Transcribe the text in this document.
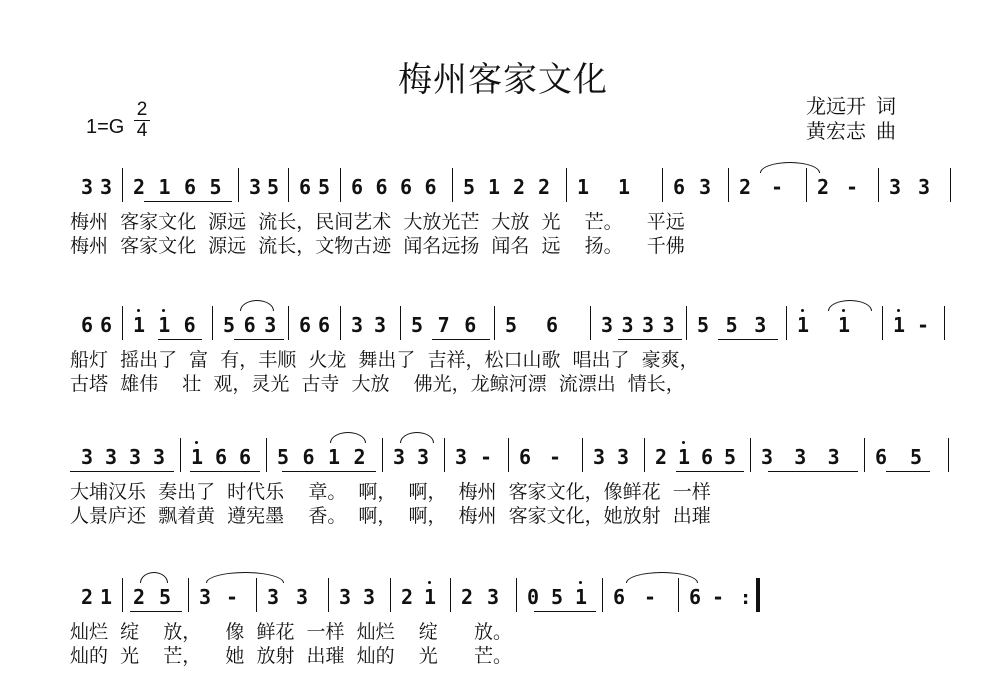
梅州客家文化
1=G
2
4
龙远开 词
黄宏志 曲
3 3 2 1 6 5 3 5 6 5 6 6 6 6 5 1 2 2 1 1 6 3 2 - 2 - 3 3
梅州  客家文化  源远  流长，民间艺术  大放光芒  大放  光    芒。    平远
梅州  客家文化  源远  流长，文物古迹  闻名远扬  闻名  远    扬。    千佛
6 6 1 1 6 5 6 3 6 6 3 3 5 7 6 5 6 3 3 3 3 5 5 3 1 1 1 -
船灯  摇出了  富  有，丰顺  火龙  舞出了  吉祥，松口山歌  唱出了  豪爽，
古塔  雄伟    壮  观，灵光  古寺  大放    佛光，龙鲸河漂  流漂出  情长，
3 3 3 3 1 6 6 5 6 1 2 3 3 3 - 6 - 3 3 2 1 6 5 3 3 3 6 5
大埔汉乐  奏出了  时代乐    章。  啊，  啊，  梅州  客家文化，像鲜花  一样
人景庐还  飘着黄  遵宪墨    香。  啊，  啊，  梅州  客家文化，她放射  出璀
2 1 2 5 3 - 3 3 3 3 2 1 2 3 0 5 1 6 - 6 - :
灿烂  绽    放，    像  鲜花  一样  灿烂    绽      放。
灿的  光    芒，    她  放射  出璀  灿的    光      芒。
